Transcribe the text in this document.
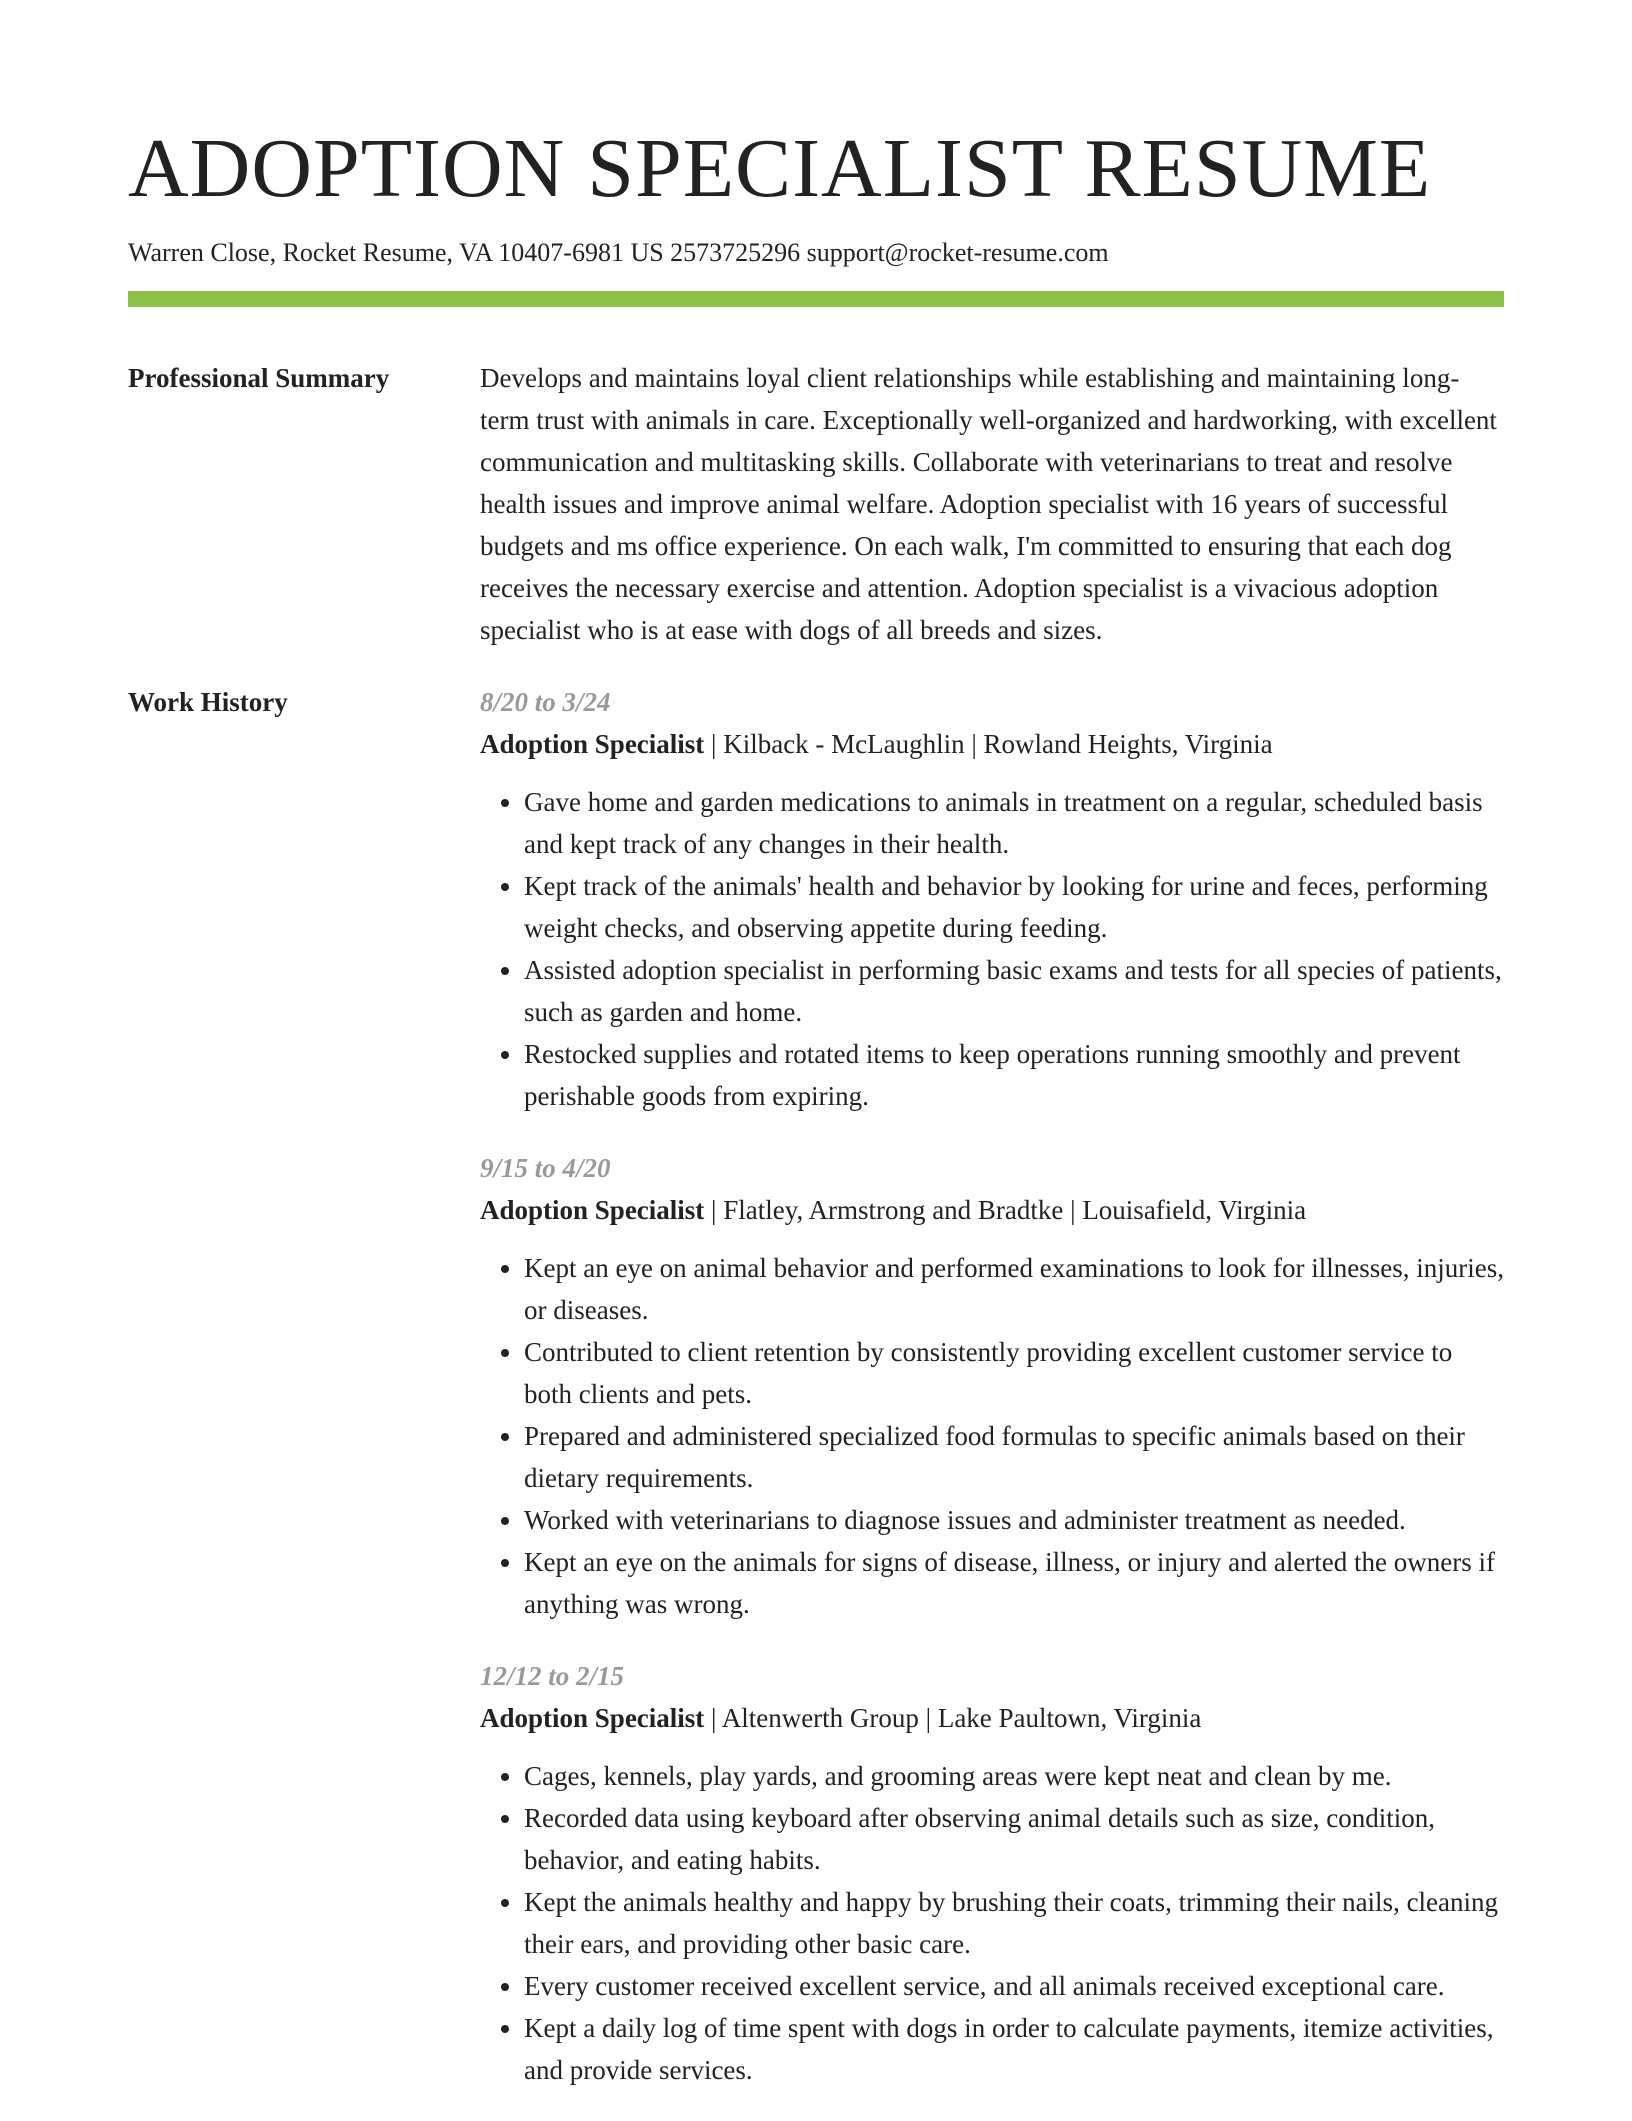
ADOPTION SPECIALIST RESUME
Warren Close, Rocket Resume, VA 10407-6981 US 2573725296 support@rocket-resume.com
Professional Summary	Develops and maintains loyal client relationships while establishing and maintaining long-term trust with animals in care. Exceptionally well-organized and hardworking, with excellent communication and multitasking skills. Collaborate with veterinarians to treat and resolve health issues and improve animal welfare. Adoption specialist with 16 years of successful budgets and ms office experience. On each walk, I'm committed to ensuring that each dog receives the necessary exercise and attention. Adoption specialist is a vivacious adoption specialist who is at ease with dogs of all breeds and sizes.

Work History	8/20 to 3/24
Adoption Specialist | Kilback - McLaughlin | Rowland Heights, Virginia
• Gave home and garden medications to animals in treatment on a regular, scheduled basis and kept track of any changes in their health.
• Kept track of the animals' health and behavior by looking for urine and feces, performing weight checks, and observing appetite during feeding.
• Assisted adoption specialist in performing basic exams and tests for all species of patients, such as garden and home.
• Restocked supplies and rotated items to keep operations running smoothly and prevent perishable goods from expiring.
9/15 to 4/20
Adoption Specialist | Flatley, Armstrong and Bradtke | Louisafield, Virginia
• Kept an eye on animal behavior and performed examinations to look for illnesses, injuries, or diseases.
• Contributed to client retention by consistently providing excellent customer service to both clients and pets.
• Prepared and administered specialized food formulas to specific animals based on their dietary requirements.
• Worked with veterinarians to diagnose issues and administer treatment as needed.
• Kept an eye on the animals for signs of disease, illness, or injury and alerted the owners if anything was wrong.
12/12 to 2/15
Adoption Specialist | Altenwerth Group | Lake Paultown, Virginia
• Cages, kennels, play yards, and grooming areas were kept neat and clean by me.
• Recorded data using keyboard after observing animal details such as size, condition, behavior, and eating habits.
• Kept the animals healthy and happy by brushing their coats, trimming their nails, cleaning their ears, and providing other basic care.
• Every customer received excellent service, and all animals received exceptional care.
• Kept a daily log of time spent with dogs in order to calculate payments, itemize activities, and provide services.
